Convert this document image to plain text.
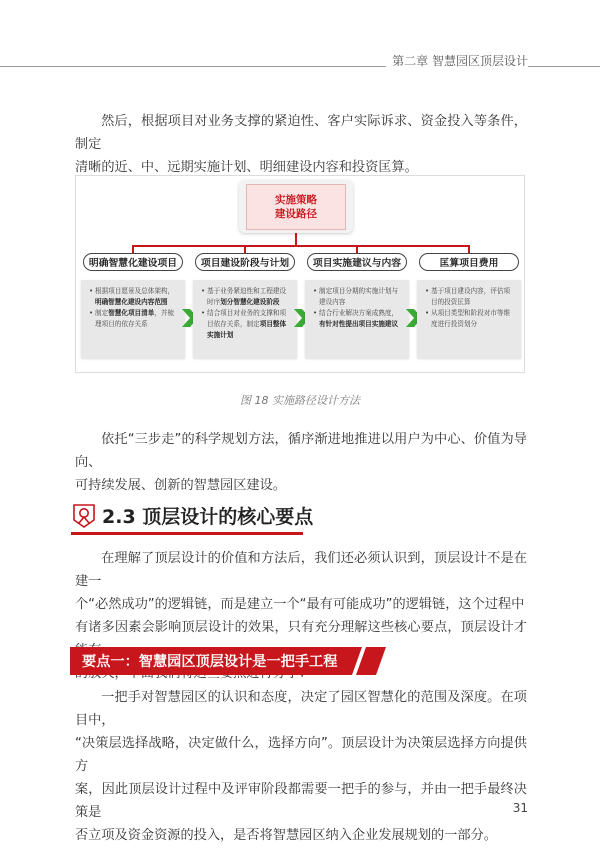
第二章 智慧园区顶层设计
然后，根据项目对业务支撑的紧迫性、客户实际诉求、资金投入等条件，制定
清晰的近、中、远期实施计划、明细建设内容和投资匡算。
实施策略
建设路径
明确智慧化建设项目
• 根据项目愿景及总体架构，明确智慧化建设内容范围
• 制定智慧化项目清单，并梳理项目的依存关系
项目建设阶段与计划
• 基于业务紧迫性和工程建设时序划分智慧化建设阶段
• 结合项目对业务的支撑和项目依存关系，制定项目整体实施计划
项目实施建议与内容
• 制定项目分期的实施计划与建设内容
• 结合行业解决方案成熟度，有针对性提出项目实施建议
匡算项目费用
• 基于项目建设内容，评估项目的投资匡算
• 从项目类型和阶段对市等维度进行投资划分
图 18 实施路径设计方法
依托“三步走”的科学规划方法，循序渐进地推进以用户为中心、价值为导向、
可持续发展、创新的智慧园区建设。
2.3 顶层设计的核心要点
在理解了顶层设计的价值和方法后，我们还必须认识到，顶层设计不是在建一
个“必然成功”的逻辑链，而是建立一个“最有可能成功”的逻辑链，这个过程中
有诸多因素会影响顶层设计的效果，只有充分理解这些核心要点，顶层设计才
要点一：智慧园区顶层设计是一把手工程
一把手对智慧园区的认识和态度，决定了园区智慧化的范围及深度。在项目中，
“决策层选择战略，决定做什么，选择方向”。顶层设计为决策层选择方向提供方
案，因此顶层设计过程中及评审阶段都需要一把手的参与，并由一把手最终决策是
否立项及资金资源的投入，是否将智慧园区纳入企业发展规划的一部分。
31
